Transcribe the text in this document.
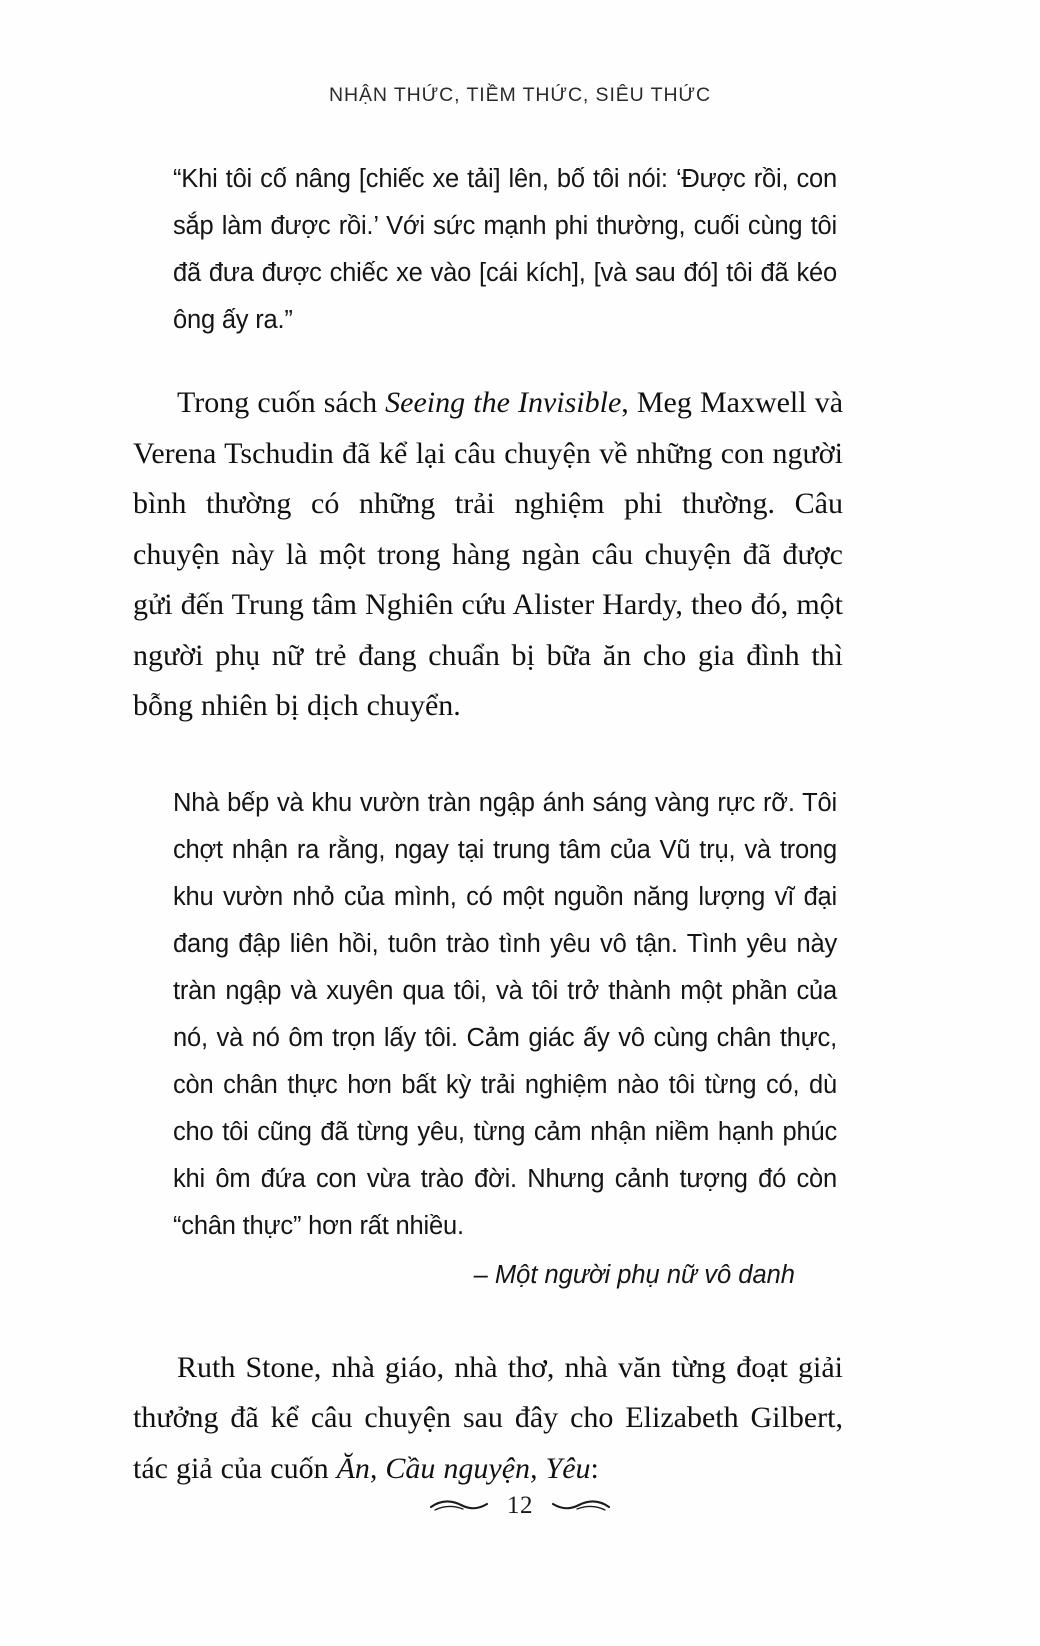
NHẬN THỨC, TIỀM THỨC, SIÊU THỨC

“Khi tôi cố nâng [chiếc xe tải] lên, bố tôi nói: ‘Được rồi, con sắp làm được rồi.’ Với sức mạnh phi thường, cuối cùng tôi đã đưa được chiếc xe vào [cái kích], [và sau đó] tôi đã kéo ông ấy ra.”

Trong cuốn sách Seeing the Invisible, Meg Maxwell và Verena Tschudin đã kể lại câu chuyện về những con người bình thường có những trải nghiệm phi thường. Câu chuyện này là một trong hàng ngàn câu chuyện đã được gửi đến Trung tâm Nghiên cứu Alister Hardy, theo đó, một người phụ nữ trẻ đang chuẩn bị bữa ăn cho gia đình thì bỗng nhiên bị dịch chuyển.

Nhà bếp và khu vườn tràn ngập ánh sáng vàng rực rỡ. Tôi chợt nhận ra rằng, ngay tại trung tâm của Vũ trụ, và trong khu vườn nhỏ của mình, có một nguồn năng lượng vĩ đại đang đập liên hồi, tuôn trào tình yêu vô tận. Tình yêu này tràn ngập và xuyên qua tôi, và tôi trở thành một phần của nó, và nó ôm trọn lấy tôi. Cảm giác ấy vô cùng chân thực, còn chân thực hơn bất kỳ trải nghiệm nào tôi từng có, dù cho tôi cũng đã từng yêu, từng cảm nhận niềm hạnh phúc khi ôm đứa con vừa trào đời. Nhưng cảnh tượng đó còn “chân thực” hơn rất nhiều.

– Một người phụ nữ vô danh

Ruth Stone, nhà giáo, nhà thơ, nhà văn từng đoạt giải thưởng đã kể câu chuyện sau đây cho Elizabeth Gilbert, tác giả của cuốn Ăn, Cầu nguyện, Yêu:

12
